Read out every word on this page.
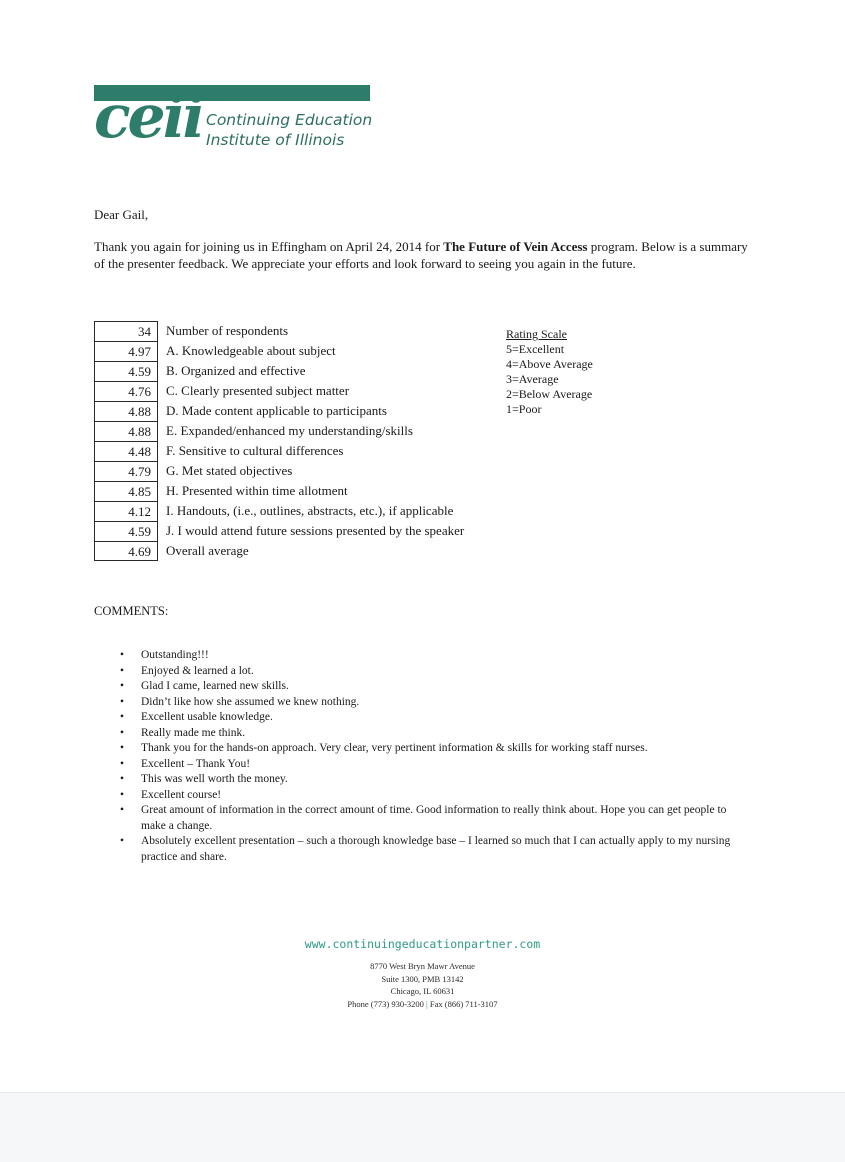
ceii Continuing Education
Institute of Illinois
Dear Gail,
Thank you again for joining us in Effingham on April 24, 2014 for The Future of Vein Access program. Below is a summary of the presenter feedback. We appreciate your efforts and look forward to seeing you again in the future.
34	Number of respondents
4.97	A. Knowledgeable about subject
4.59	B. Organized and effective
4.76	C. Clearly presented subject matter
4.88	D. Made content applicable to participants
4.88	E. Expanded/enhanced my understanding/skills
4.48	F. Sensitive to cultural differences
4.79	G. Met stated objectives
4.85	H. Presented within time allotment
4.12	I. Handouts, (i.e., outlines, abstracts, etc.), if applicable
4.59	J. I would attend future sessions presented by the speaker
4.69	Overall average
Rating Scale
5=Excellent
4=Above Average
3=Average
2=Below Average
1=Poor
COMMENTS:
• Outstanding!!!
• Enjoyed & learned a lot.
• Glad I came, learned new skills.
• Didn’t like how she assumed we knew nothing.
• Excellent usable knowledge.
• Really made me think.
• Thank you for the hands-on approach. Very clear, very pertinent information & skills for working staff nurses.
• Excellent – Thank You!
• This was well worth the money.
• Excellent course!
• Great amount of information in the correct amount of time. Good information to really think about. Hope you can get people to make a change.
• Absolutely excellent presentation – such a thorough knowledge base – I learned so much that I can actually apply to my nursing practice and share.
www.continuingeducationpartner.com
8770 West Bryn Mawr Avenue
Suite 1300, PMB 13142
Chicago, IL 60631
Phone (773) 930-3200 | Fax (866) 711-3107
